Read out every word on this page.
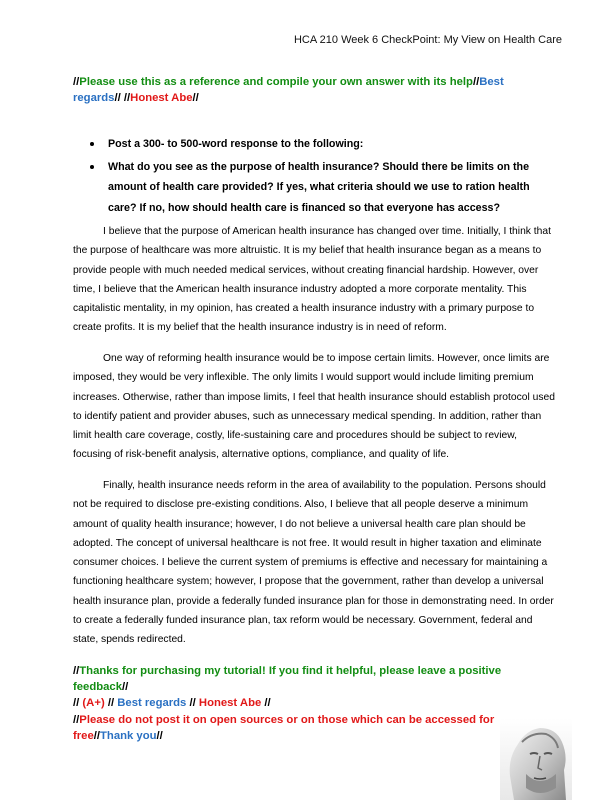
HCA 210 Week 6 CheckPoint: My View on Health Care
//Please use this as a reference and compile your own answer with its help//Best regards// //Honest Abe//
Post a 300- to 500-word response to the following:
What do you see as the purpose of health insurance? Should there be limits on the amount of health care provided? If yes, what criteria should we use to ration health care? If no, how should health care is financed so that everyone has access?

I believe that the purpose of American health insurance has changed over time. Initially, I think that the purpose of healthcare was more altruistic. It is my belief that health insurance began as a means to provide people with much needed medical services, without creating financial hardship. However, over time, I believe that the American health insurance industry adopted a more corporate mentality. This capitalistic mentality, in my opinion, has created a health insurance industry with a primary purpose to create profits. It is my belief that the health insurance industry is in need of reform.

One way of reforming health insurance would be to impose certain limits. However, once limits are imposed, they would be very inflexible. The only limits I would support would include limiting premium increases. Otherwise, rather than impose limits, I feel that health insurance should establish protocol used to identify patient and provider abuses, such as unnecessary medical spending. In addition, rather than limit health care coverage, costly, life-sustaining care and procedures should be subject to review, focusing of risk-benefit analysis, alternative options, compliance, and quality of life.

Finally, health insurance needs reform in the area of availability to the population. Persons should not be required to disclose pre-existing conditions. Also, I believe that all people deserve a minimum amount of quality health insurance; however, I do not believe a universal health care plan should be adopted. The concept of universal healthcare is not free. It would result in higher taxation and eliminate consumer choices. I believe the current system of premiums is effective and necessary for maintaining a functioning healthcare system; however, I propose that the government, rather than develop a universal health insurance plan, provide a federally funded insurance plan for those in demonstrating need. In order to create a federally funded insurance plan, tax reform would be necessary. Government, federal and state, spends redirected.

//Thanks for purchasing my tutorial! If you find it helpful, please leave a positive feedback//
// (A+) // Best regards // Honest Abe //
//Please do not post it on open sources or on those which can be accessed for free//Thank you//
